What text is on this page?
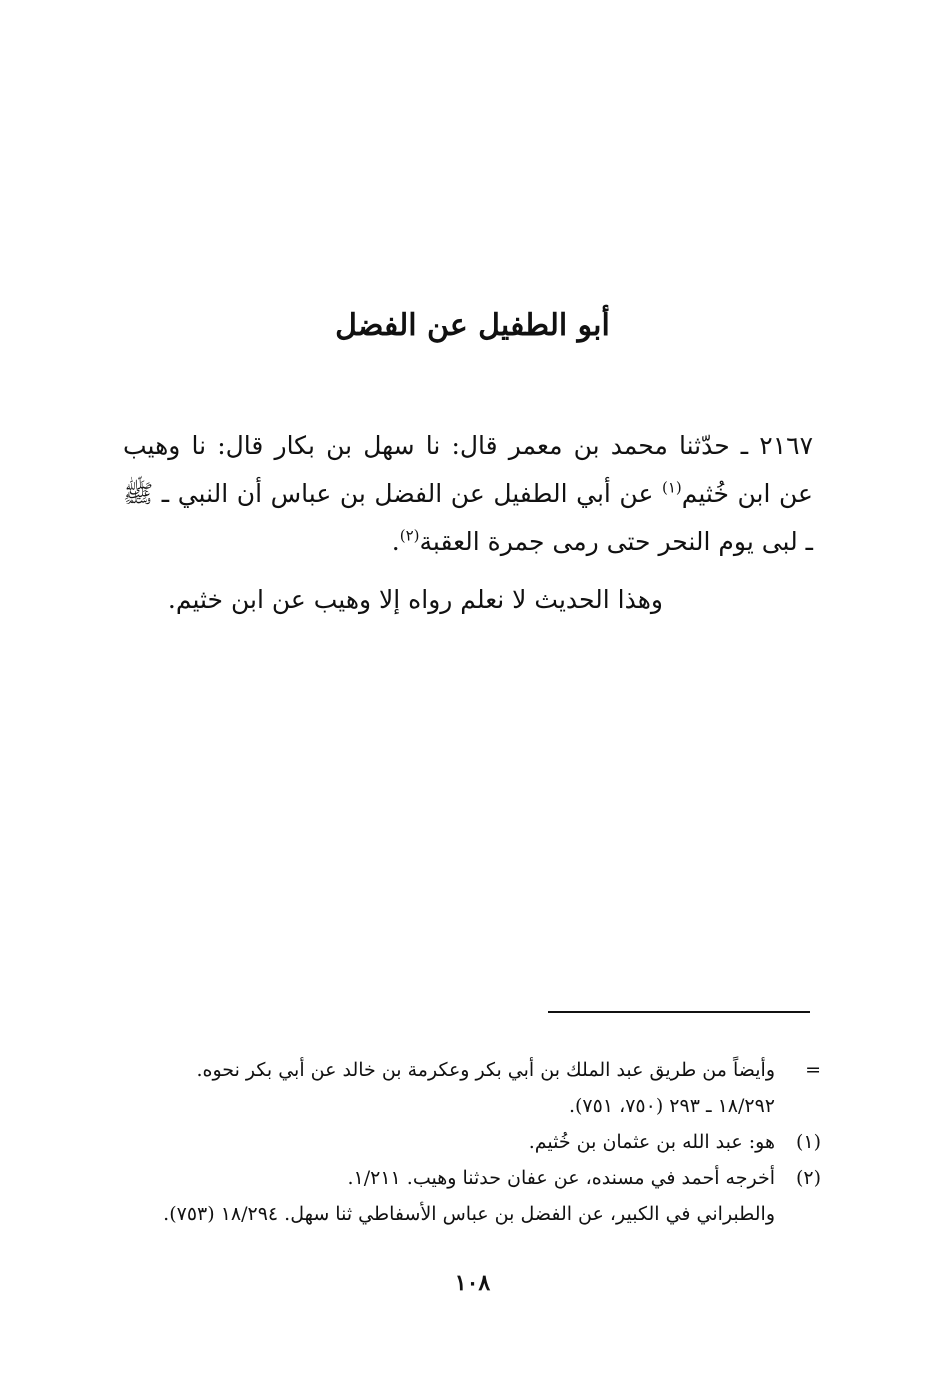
أبو الطفيل عن الفضل

٢١٦٧ ـ حدّثنا محمد بن معمر قال: نا سهل بن بكار قال: نا وهيب عن ابن خُثيم$^{(١)}$ عن أبي الطفيل عن الفضل بن عباس أن النبي ـ ﷺ ـ لبى يوم النحر حتى رمى جمرة العقبة$^{(٢)}$.

وهذا الحديث لا نعلم رواه إلا وهيب عن ابن خثيم.

=وأيضاً من طريق عبد الملك بن أبي بكر وعكرمة بن خالد عن أبي بكر نحوه.
١٨/٢٩٢ ـ ٢٩٣ (٧٥٠، ٧٥١).
(١)هو: عبد الله بن عثمان بن خُثيم.
(٢)أخرجه أحمد في مسنده، عن عفان حدثنا وهيب. ١/٢١١.
والطبراني في الكبير، عن الفضل بن عباس الأسفاطي ثنا سهل. ١٨/٢٩٤ (٧٥٣).
١٠٨
